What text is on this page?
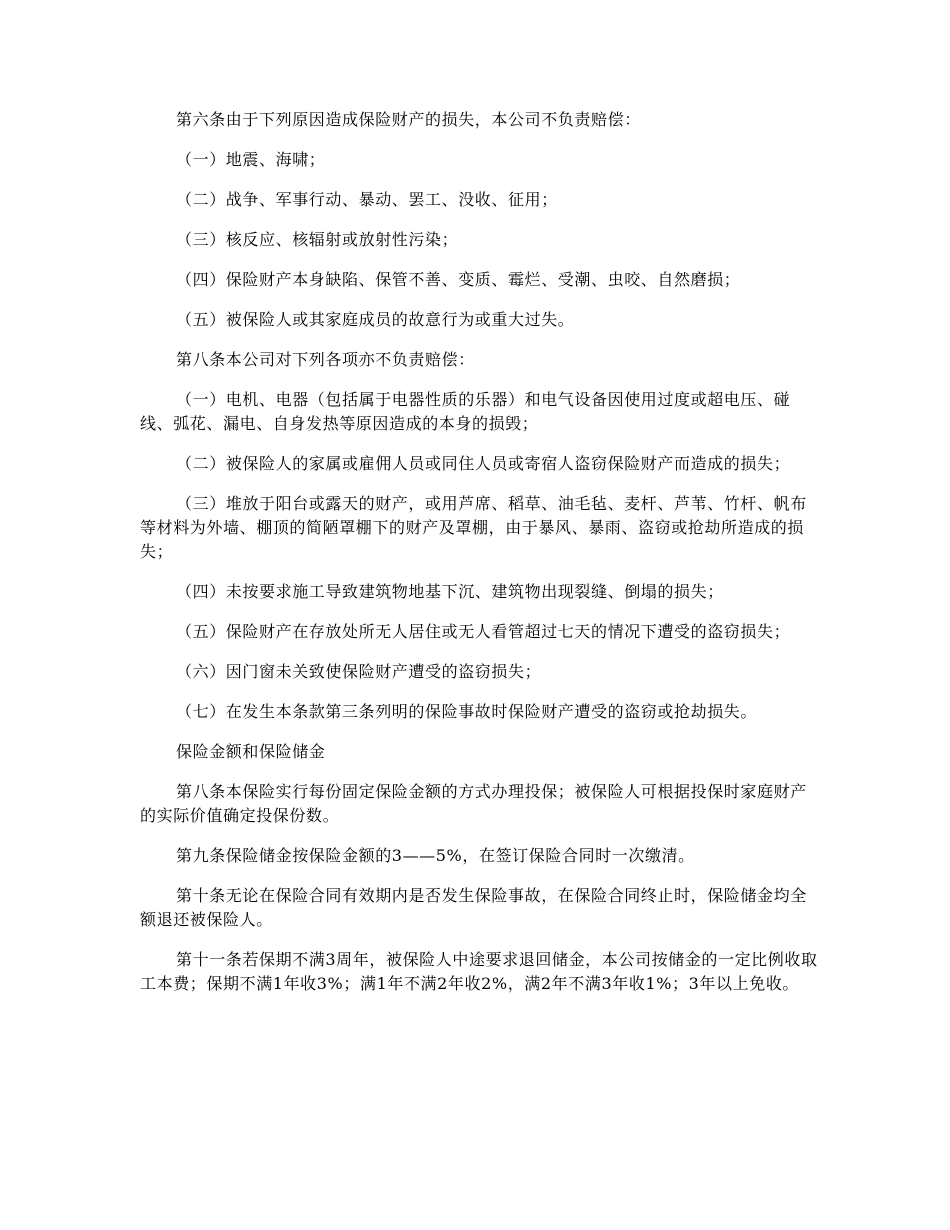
第六条由于下列原因造成保险财产的损失，本公司不负责赔偿：

（一）地震、海啸；

（二）战争、军事行动、暴动、罢工、没收、征用；

（三）核反应、核辐射或放射性污染；

（四）保险财产本身缺陷、保管不善、变质、霉烂、受潮、虫咬、自然磨损；

（五）被保险人或其家庭成员的故意行为或重大过失。

第八条本公司对下列各项亦不负责赔偿：

（一）电机、电器（包括属于电器性质的乐器）和电气设备因使用过度或超电压、碰线、弧花、漏电、自身发热等原因造成的本身的损毁；

（二）被保险人的家属或雇佣人员或同住人员或寄宿人盗窃保险财产而造成的损失；

（三）堆放于阳台或露天的财产，或用芦席、稻草、油毛毡、麦杆、芦苇、竹杆、帆布等材料为外墙、棚顶的简陋罩棚下的财产及罩棚，由于暴风、暴雨、盗窃或抢劫所造成的损失；

（四）未按要求施工导致建筑物地基下沉、建筑物出现裂缝、倒塌的损失；

（五）保险财产在存放处所无人居住或无人看管超过七天的情况下遭受的盗窃损失；

（六）因门窗未关致使保险财产遭受的盗窃损失；

（七）在发生本条款第三条列明的保险事故时保险财产遭受的盗窃或抢劫损失。

保险金额和保险储金

第八条本保险实行每份固定保险金额的方式办理投保；被保险人可根据投保时家庭财产的实际价值确定投保份数。

第九条保险储金按保险金额的3——5%，在签订保险合同时一次缴清。

第十条无论在保险合同有效期内是否发生保险事故，在保险合同终止时，保险储金均全额退还被保险人。

第十一条若保期不满3周年，被保险人中途要求退回储金，本公司按储金的一定比例收取工本费；保期不满1年收3%；满1年不满2年收2%，满2年不满3年收1%；3年以上免收。
